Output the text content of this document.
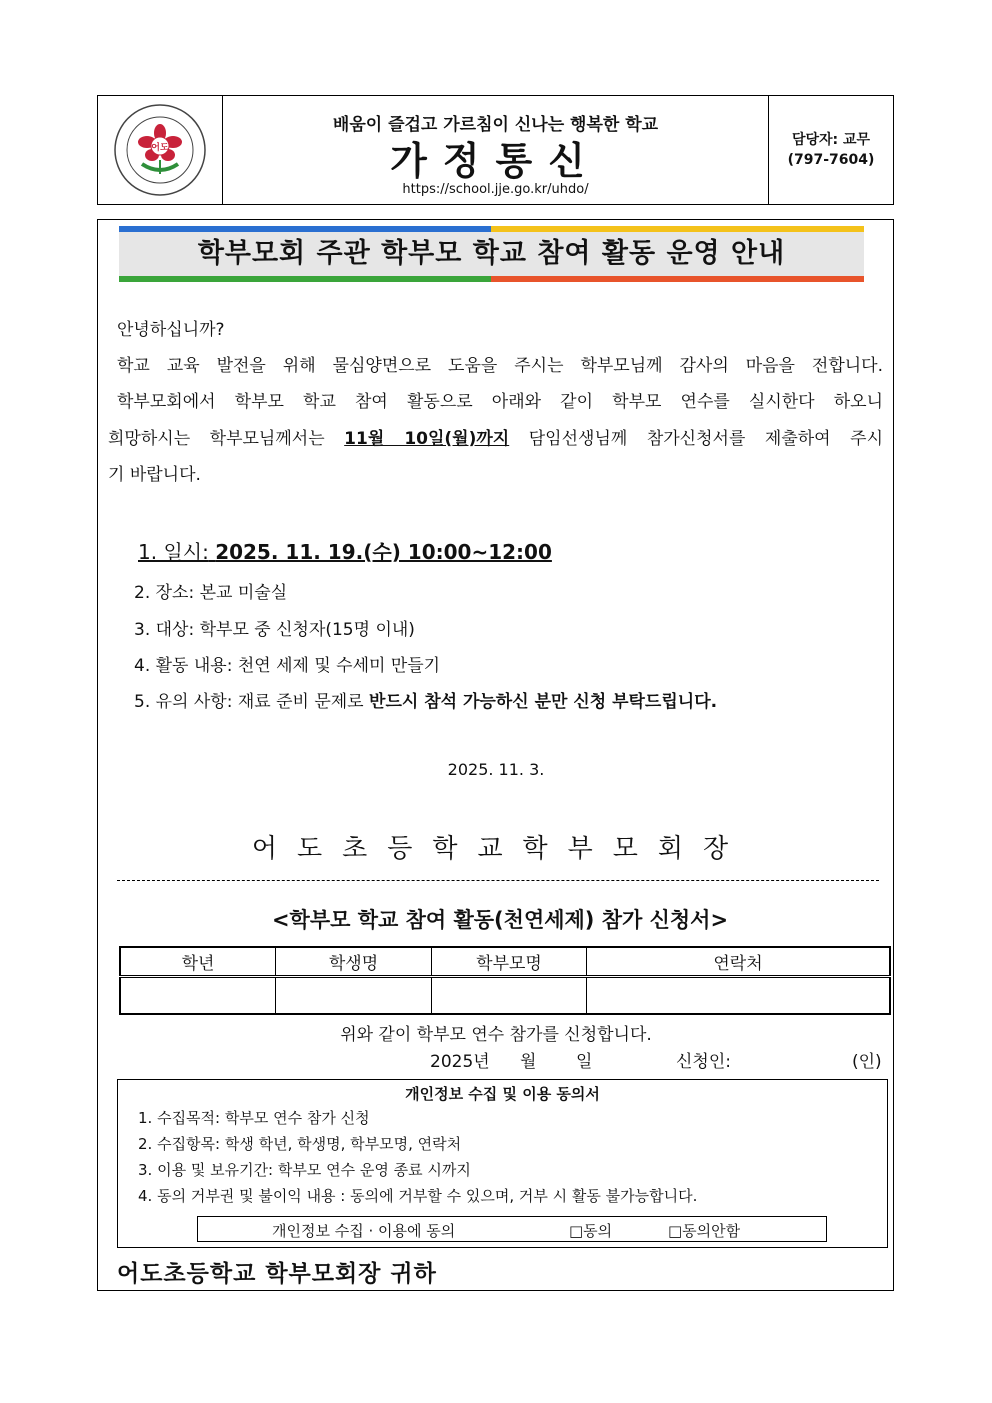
어도
배움이 즐겁고 가르침이 신나는 행복한 학교
가정통신
https://school.jje.go.kr/uhdo/
담당자: 교무
(797-7604)
학부모회 주관 학부모 학교 참여 활동 운영 안내
안녕하십니까?
학교 교육 발전을 위해 물심양면으로 도움을 주시는 학부모님께 감사의 마음을 전합니다.
학부모회에서 학부모 학교 참여 활동으로 아래와 같이 학부모 연수를 실시한다 하오니
희망하시는 학부모님께서는 11월 10일(월)까지 담임선생님께 참가신청서를 제출하여 주시
기 바랍니다.
1. 일시: 2025. 11. 19.(수) 10:00~12:00
2. 장소: 본교 미술실
3. 대상: 학부모 중 신청자(15명 이내)
4. 활동 내용: 천연 세제 및 수세미 만들기
5. 유의 사항: 재료 준비 문제로 반드시 참석 가능하신 분만 신청 부탁드립니다.
2025. 11. 3.
어도초등학교학부모회장
<학부모 학교 참여 활동(천연세제) 참가 신청서>
학년	학생명	학부모명	연락처

위와 같이 학부모 연수 참가를 신청합니다.
2025년 월 일	신청인:	(인)
개인정보 수집 및 이용 동의서
1. 수집목적: 학부모 연수 참가 신청
2. 수집항목: 학생 학년, 학생명, 학부모명, 연락처
3. 이용 및 보유기간: 학부모 연수 운영 종료 시까지
4. 동의 거부권 및 불이익 내용 : 동의에 거부할 수 있으며, 거부 시 활동 불가능합니다.
개인정보 수집 · 이용에 동의	□동의	□동의안함
어도초등학교 학부모회장 귀하
